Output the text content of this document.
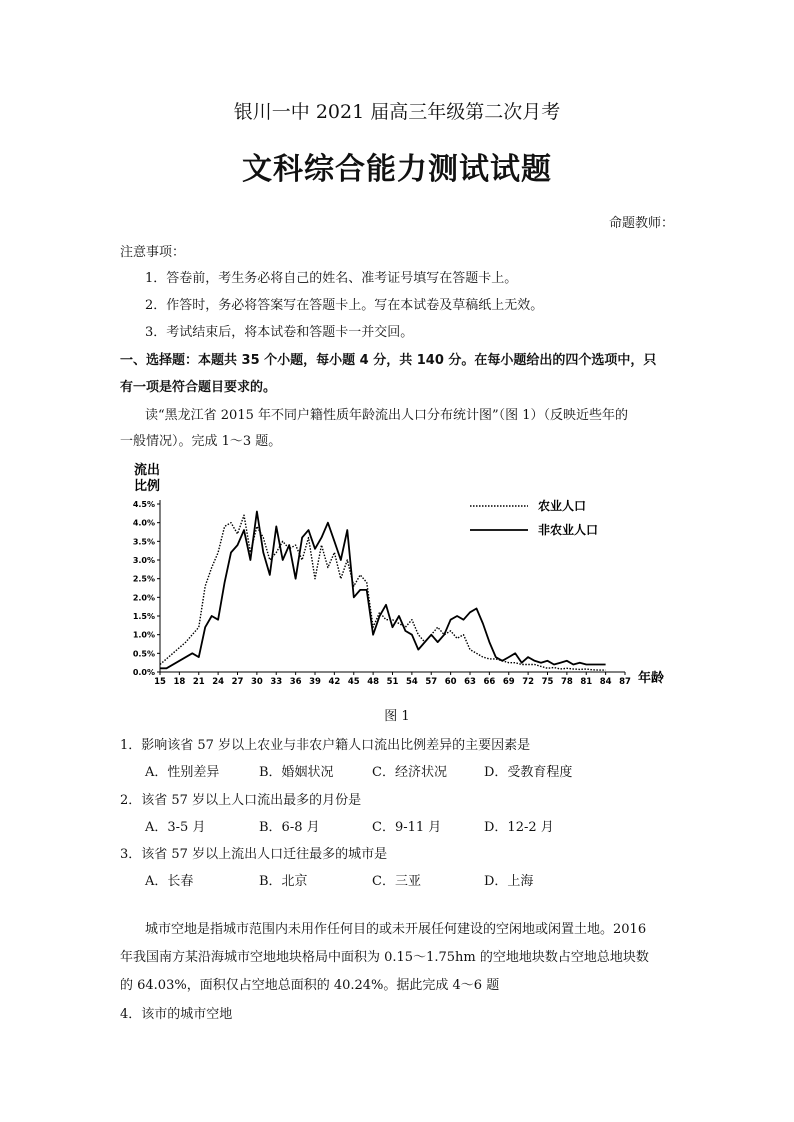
银川一中 2021 届高三年级第二次月考
文科综合能力测试试题
命题教师：
注意事项：
1．答卷前，考生务必将自己的姓名、准考证号填写在答题卡上。
2．作答时，务必将答案写在答题卡上。写在本试卷及草稿纸上无效。
3．考试结束后，将本试卷和答题卡一并交回。
一、选择题：本题共 35 个小题，每小题 4 分，共 140 分。在每小题给出的四个选项中，只
有一项是符合题目要求的。
读“黑龙江省 2015 年不同户籍性质年龄流出人口分布统计图”（图 1）（反映近些年的
一般情况）。完成 1～3 题。
0.0%
0.5%
1.0%
1.5%
2.0%
2.5%
3.0%
3.5%
4.0%
4.5%
15 18 21 24 27 30 33 36 39 42 45 48 51 54 57 60 63 66 69 72 75 78 81 84 87
农业人口
非农业人口
流出
比例
年龄
图 1
1．影响该省 57 岁以上农业与非农户籍人口流出比例差异的主要因素是
A．性别差异	B．婚姻状况	C．经济状况	D．受教育程度
2．该省 57 岁以上人口流出最多的月份是
A．3-5 月	B．6-8 月	C．9-11 月	D．12-2 月
3．该省 57 岁以上流出人口迁往最多的城市是
A．长春	B．北京	C．三亚	D．上海
城市空地是指城市范围内未用作任何目的或未开展任何建设的空闲地或闲置土地。2016
年我国南方某沿海城市空地地块格局中面积为 0.15～1.75hm 的空地地块数占空地总地块数
的 64.03%，面积仅占空地总面积的 40.24%。据此完成 4～6 题
4．该市的城市空地
